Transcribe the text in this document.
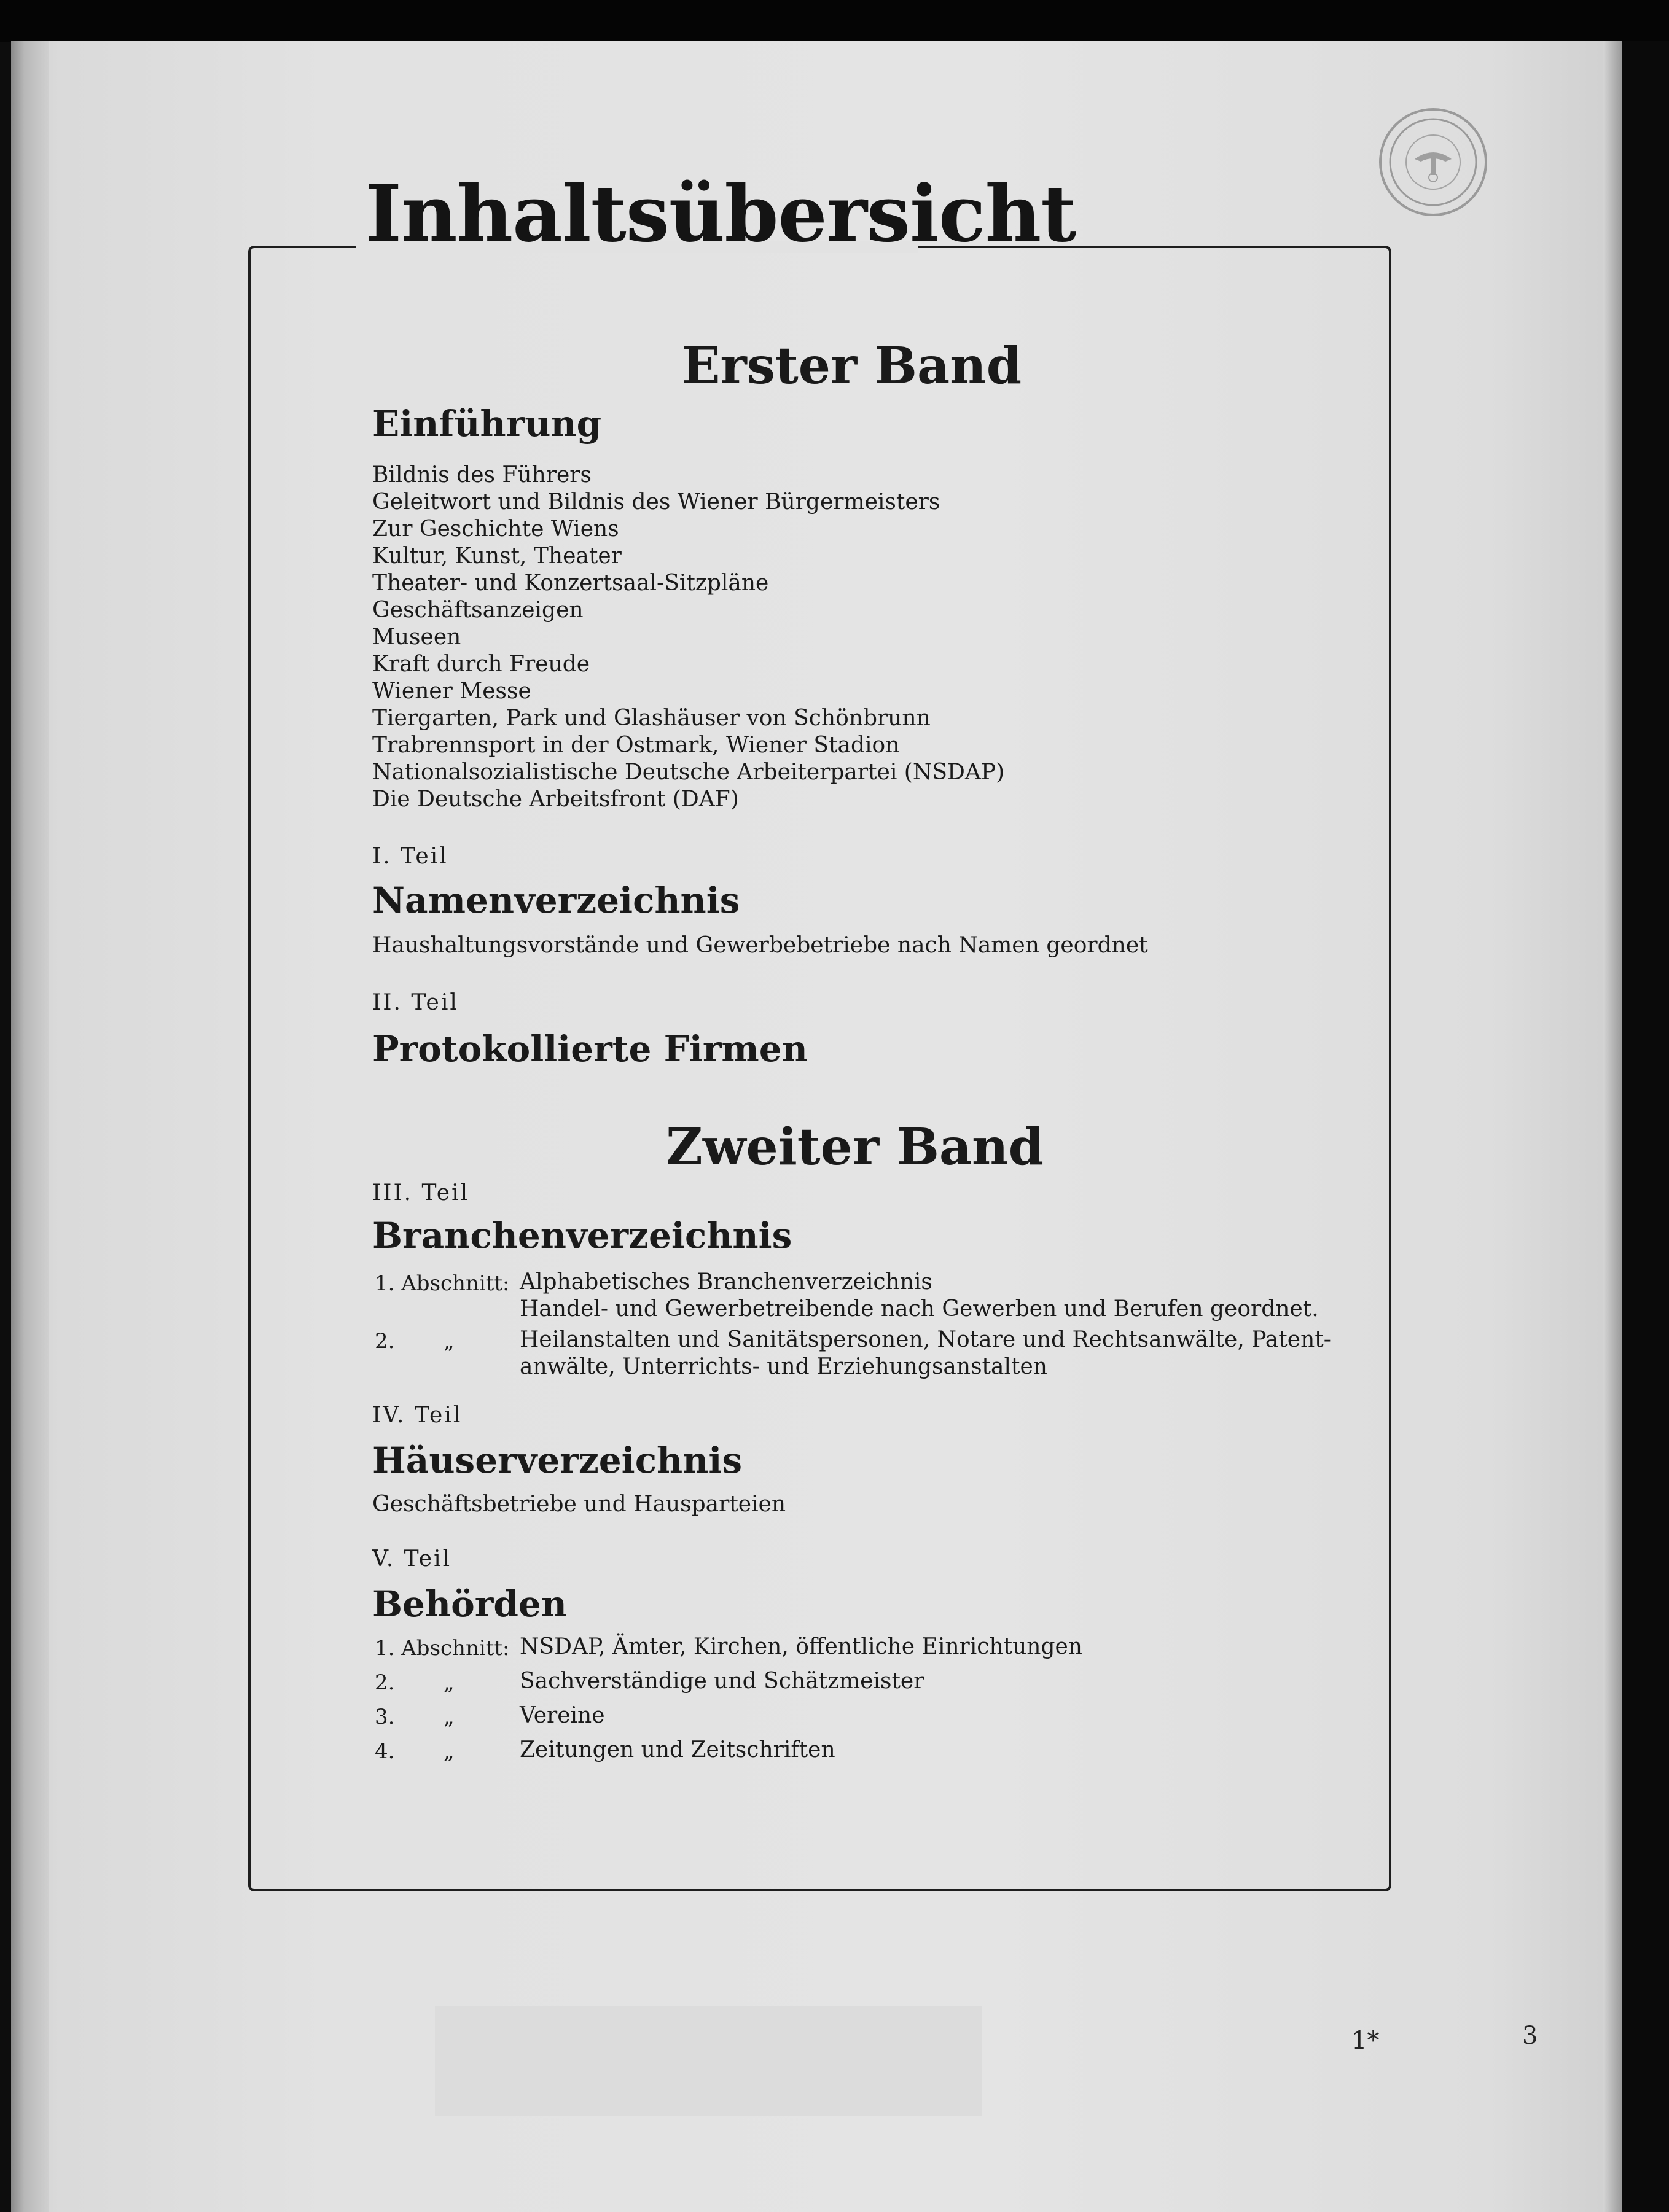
Inhaltsübersicht
Erster Band
Einführung
Bildnis des Führers
Geleitwort und Bildnis des Wiener Bürgermeisters
Zur Geschichte Wiens
Kultur, Kunst, Theater
Theater- und Konzertsaal-Sitzpläne
Geschäftsanzeigen
Museen
Kraft durch Freude
Wiener Messe
Tiergarten, Park und Glashäuser von Schönbrunn
Trabrennsport in der Ostmark, Wiener Stadion
Nationalsozialistische Deutsche Arbeiterpartei (NSDAP)
Die Deutsche Arbeitsfront (DAF)
I. Teil
Namenverzeichnis
Haushaltungsvorstände und Gewerbebetriebe nach Namen geordnet
II. Teil
Protokollierte Firmen
Zweiter Band
III. Teil
Branchenverzeichnis
1. Abschnitt: Alphabetisches Branchenverzeichnis
Handel- und Gewerbetreibende nach Gewerben und Berufen geordnet.
2. „	Heilanstalten und Sanitätspersonen, Notare und Rechtsanwälte, Patent-
anwälte, Unterrichts- und Erziehungsanstalten
IV. Teil
Häuserverzeichnis
Geschäftsbetriebe und Hausparteien
V. Teil
Behörden
1. Abschnitt: NSDAP, Ämter, Kirchen, öffentliche Einrichtungen
2. „	Sachverständige und Schätzmeister
3. „	Vereine
4. „	Zeitungen und Zeitschriften
1*	3
